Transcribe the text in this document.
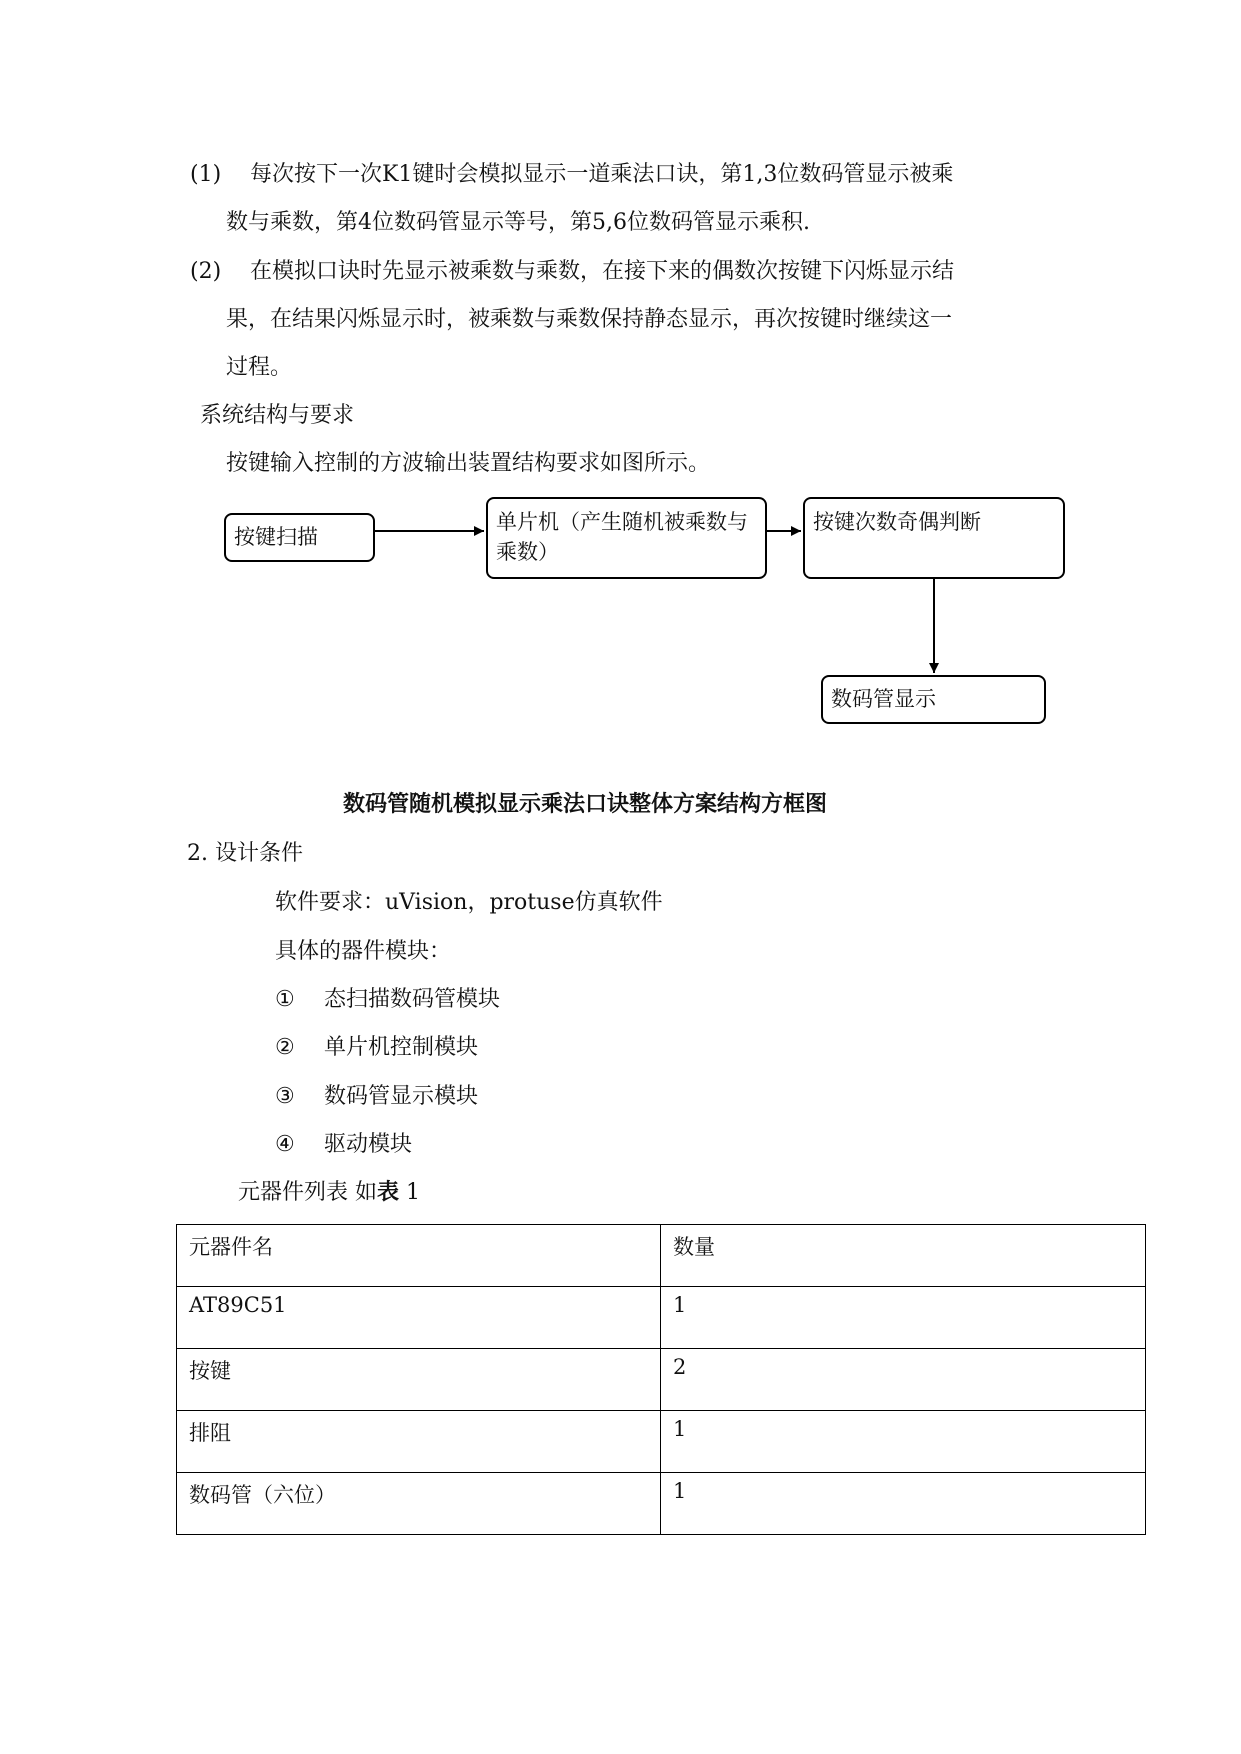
(1) 每次按下一次K1键时会模拟显示一道乘法口诀，第1,3位数码管显示被乘
数与乘数，第4位数码管显示等号，第5,6位数码管显示乘积.
(2) 在模拟口诀时先显示被乘数与乘数，在接下来的偶数次按键下闪烁显示结
果，在结果闪烁显示时，被乘数与乘数保持静态显示，再次按键时继续这一
过程。
系统结构与要求
按键输入控制的方波输出装置结构要求如图所示。
按键扫描
单片机（产生随机被乘数与乘数）
按键次数奇偶判断
数码管显示
数码管随机模拟显示乘法口诀整体方案结构方框图
2. 设计条件
软件要求：uVision，protuse仿真软件
具体的器件模块：
① 态扫描数码管模块
② 单片机控制模块
③ 数码管显示模块
④ 驱动模块
元器件列表 如表 1
元器件名	数量
AT89C51	1
按键	2
排阻	1
数码管（六位）	1
